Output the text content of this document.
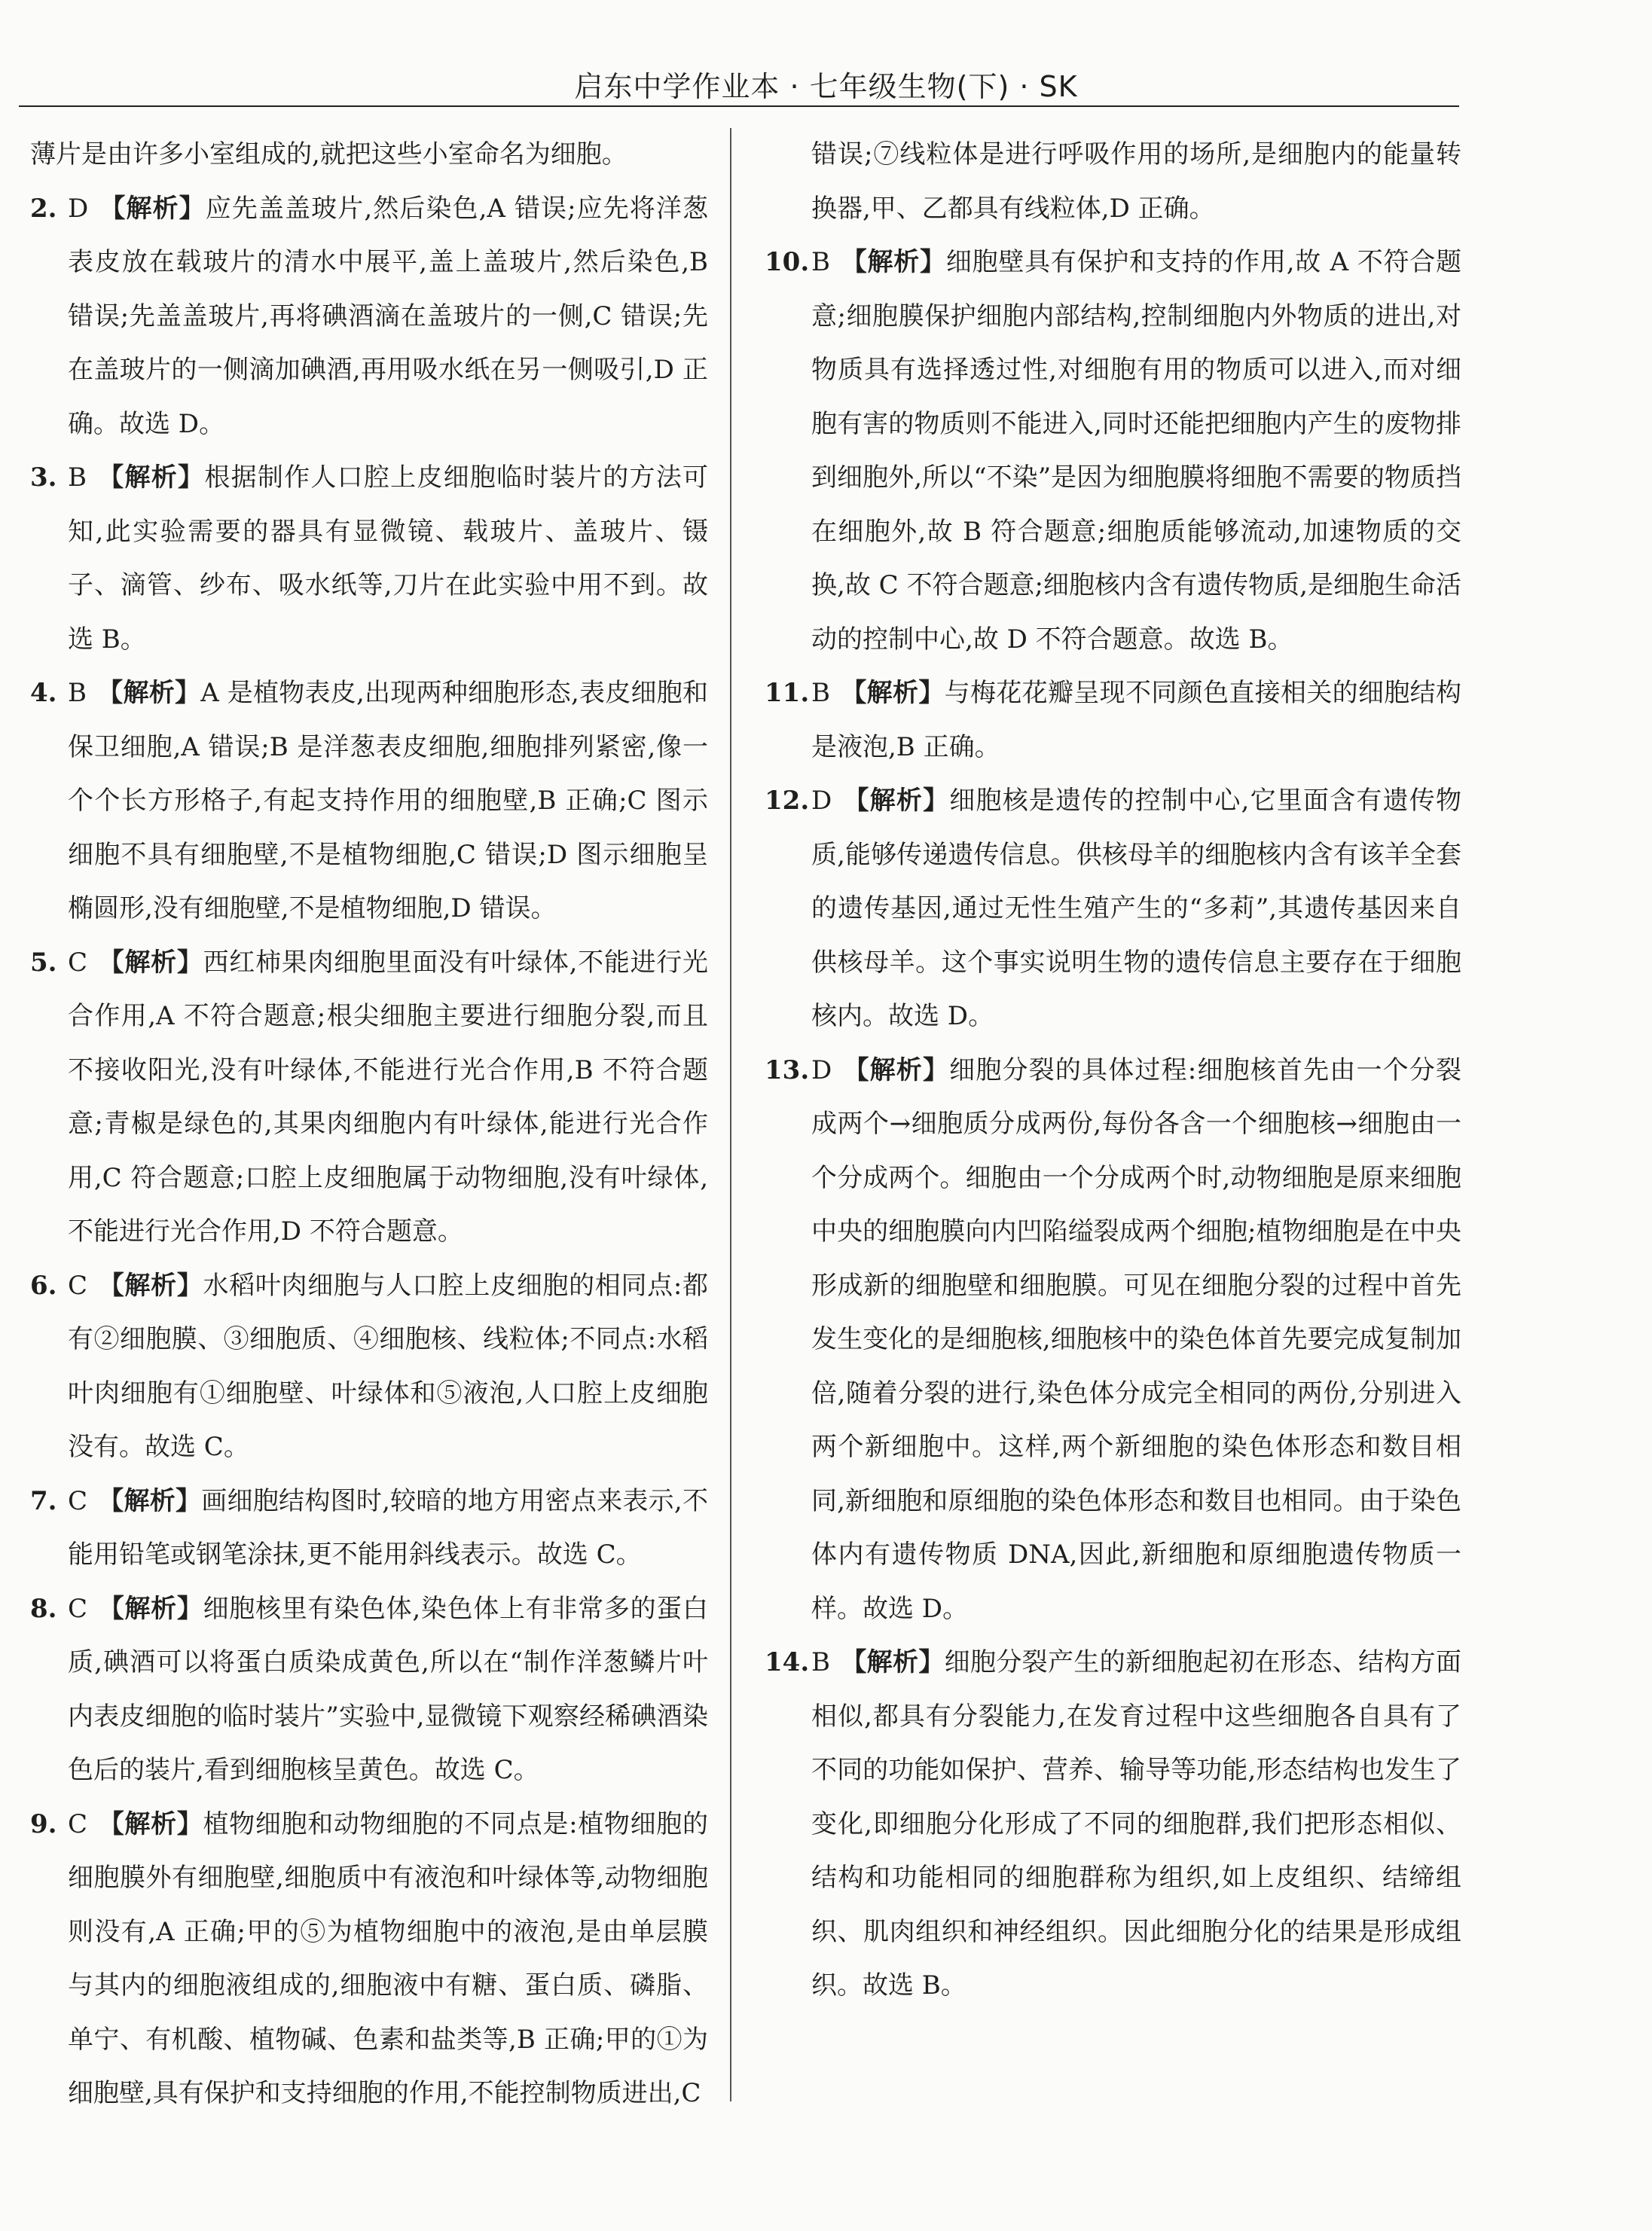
启东中学作业本 · 七年级生物(下) · SK

薄片是由许多小室组成的,就把这些小室命名为细胞。

2. D 【解析】应先盖盖玻片,然后染色,A 错误;应先将洋葱表皮放在载玻片的清水中展平,盖上盖玻片,然后染色,B 错误;先盖盖玻片,再将碘酒滴在盖玻片的一侧,C 错误;先在盖玻片的一侧滴加碘酒,再用吸水纸在另一侧吸引,D 正确。故选 D。

3. B 【解析】根据制作人口腔上皮细胞临时装片的方法可知,此实验需要的器具有显微镜、载玻片、盖玻片、镊子、滴管、纱布、吸水纸等,刀片在此实验中用不到。故选 B。

4. B 【解析】A 是植物表皮,出现两种细胞形态,表皮细胞和保卫细胞,A 错误;B 是洋葱表皮细胞,细胞排列紧密,像一个个长方形格子,有起支持作用的细胞壁,B 正确;C 图示细胞不具有细胞壁,不是植物细胞,C 错误;D 图示细胞呈椭圆形,没有细胞壁,不是植物细胞,D 错误。

5. C 【解析】西红柿果肉细胞里面没有叶绿体,不能进行光合作用,A 不符合题意;根尖细胞主要进行细胞分裂,而且不接收阳光,没有叶绿体,不能进行光合作用,B 不符合题意;青椒是绿色的,其果肉细胞内有叶绿体,能进行光合作用,C 符合题意;口腔上皮细胞属于动物细胞,没有叶绿体,不能进行光合作用,D 不符合题意。

6. C 【解析】水稻叶肉细胞与人口腔上皮细胞的相同点:都有②细胞膜、③细胞质、④细胞核、线粒体;不同点:水稻叶肉细胞有①细胞壁、叶绿体和⑤液泡,人口腔上皮细胞没有。故选 C。

7. C 【解析】画细胞结构图时,较暗的地方用密点来表示,不能用铅笔或钢笔涂抹,更不能用斜线表示。故选 C。

8. C 【解析】细胞核里有染色体,染色体上有非常多的蛋白质,碘酒可以将蛋白质染成黄色,所以在“制作洋葱鳞片叶内表皮细胞的临时装片”实验中,显微镜下观察经稀碘酒染色后的装片,看到细胞核呈黄色。故选 C。

9. C 【解析】植物细胞和动物细胞的不同点是:植物细胞的细胞膜外有细胞壁,细胞质中有液泡和叶绿体等,动物细胞则没有,A 正确;甲的⑤为植物细胞中的液泡,是由单层膜与其内的细胞液组成的,细胞液中有糖、蛋白质、磷脂、单宁、有机酸、植物碱、色素和盐类等,B 正确;甲的①为细胞壁,具有保护和支持细胞的作用,不能控制物质进出,C

错误;⑦线粒体是进行呼吸作用的场所,是细胞内的能量转换器,甲、乙都具有线粒体,D 正确。

10. B 【解析】细胞壁具有保护和支持的作用,故 A 不符合题意;细胞膜保护细胞内部结构,控制细胞内外物质的进出,对物质具有选择透过性,对细胞有用的物质可以进入,而对细胞有害的物质则不能进入,同时还能把细胞内产生的废物排到细胞外,所以“不染”是因为细胞膜将细胞不需要的物质挡在细胞外,故 B 符合题意;细胞质能够流动,加速物质的交换,故 C 不符合题意;细胞核内含有遗传物质,是细胞生命活动的控制中心,故 D 不符合题意。故选 B。

11. B 【解析】与梅花花瓣呈现不同颜色直接相关的细胞结构是液泡,B 正确。

12. D 【解析】细胞核是遗传的控制中心,它里面含有遗传物质,能够传递遗传信息。供核母羊的细胞核内含有该羊全套的遗传基因,通过无性生殖产生的“多莉”,其遗传基因来自供核母羊。这个事实说明生物的遗传信息主要存在于细胞核内。故选 D。

13. D 【解析】细胞分裂的具体过程:细胞核首先由一个分裂成两个→细胞质分成两份,每份各含一个细胞核→细胞由一个分成两个。细胞由一个分成两个时,动物细胞是原来细胞中央的细胞膜向内凹陷缢裂成两个细胞;植物细胞是在中央形成新的细胞壁和细胞膜。可见在细胞分裂的过程中首先发生变化的是细胞核,细胞核中的染色体首先要完成复制加倍,随着分裂的进行,染色体分成完全相同的两份,分别进入两个新细胞中。这样,两个新细胞的染色体形态和数目相同,新细胞和原细胞的染色体形态和数目也相同。由于染色体内有遗传物质 DNA,因此,新细胞和原细胞遗传物质一样。故选 D。

14. B 【解析】细胞分裂产生的新细胞起初在形态、结构方面相似,都具有分裂能力,在发育过程中这些细胞各自具有了不同的功能如保护、营养、输导等功能,形态结构也发生了变化,即细胞分化形成了不同的细胞群,我们把形态相似、结构和功能相同的细胞群称为组织,如上皮组织、结缔组织、肌肉组织和神经组织。因此细胞分化的结果是形成组织。故选 B。
